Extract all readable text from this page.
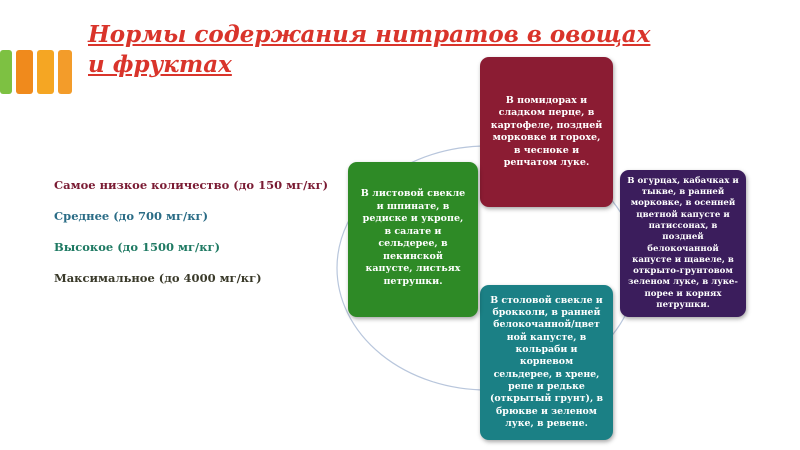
Нормы содержания нитратов в овощах
и фруктах
Самое низкое количество (до 150 мг/кг)
Среднее (до 700 мг/кг)
Высокое (до 1500 мг/кг)
Максимальное (до 4000 мг/кг)
В помидорах и
сладком перце, в
картофеле, поздней
морковке и горохе,
в чесноке и
репчатом луке.
В огурцах, кабачках и
тыкве, в ранней
морковке, в осенней
цветной капусте и
патиссонах, в
поздней
белокочанной
капусте и щавеле, в
открыто-грунтовом
зеленом луке, в луке-
порее и корнях
петрушки.
В столовой свекле и
брокколи, в ранней
белокочанной/цвет
ной капусте, в
кольраби и
корневом
сельдерее, в хрене,
репе и редьке
(открытый грунт), в
брюкве и зеленом
луке, в ревене.
В листовой свекле
и шпинате, в
редиске и укропе,
в салате и
сельдерее, в
пекинской
капусте, листьях
петрушки.
